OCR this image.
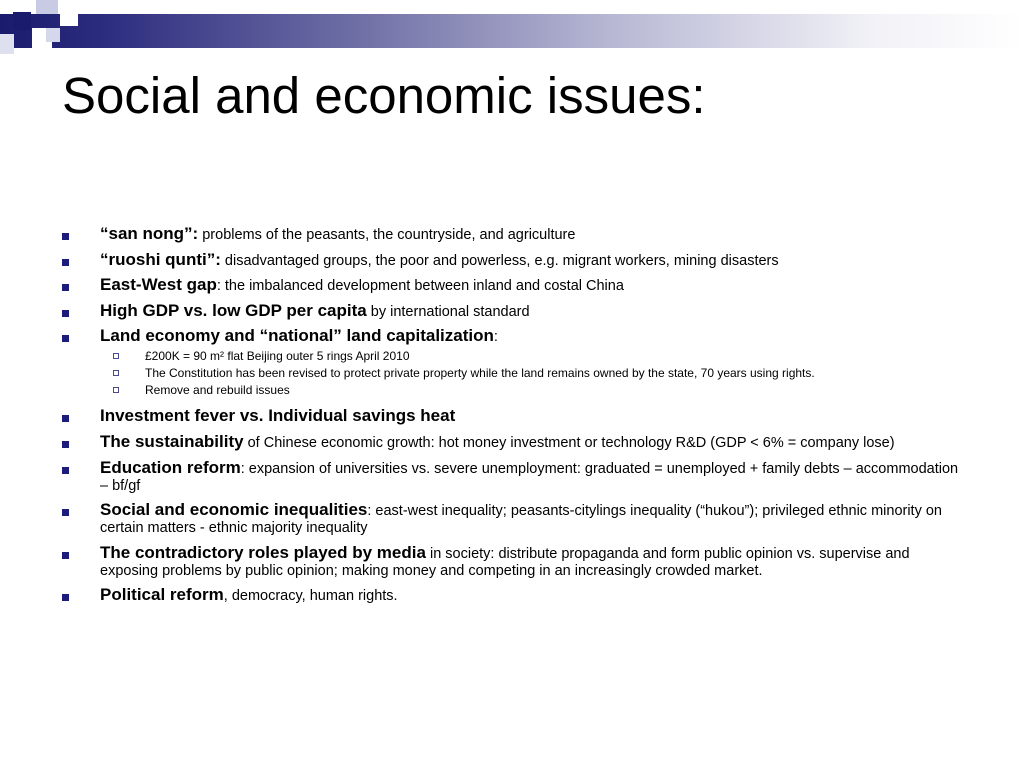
Social and economic issues:
“san nong”: problems of the peasants, the countryside, and agriculture
“ruoshi qunti”: disadvantaged groups, the poor and powerless, e.g. migrant workers, mining disasters
East-West gap: the imbalanced development between inland and costal China
High GDP vs. low GDP per capita by international standard
Land economy and “national” land capitalization:
£200K = 90 m² flat Beijing outer 5 rings April 2010
The Constitution has been revised to protect private property while the land remains owned by the state, 70 years using rights.
Remove and rebuild issues
Investment fever vs. Individual savings heat
The sustainability of Chinese economic growth: hot money investment or technology R&D (GDP < 6% = company lose)
Education reform: expansion of universities vs. severe unemployment: graduated = unemployed + family debts – accommodation – bf/gf
Social and economic inequalities: east-west inequality; peasants-citylings inequality (“hukou”); privileged ethnic minority on certain matters - ethnic majority inequality
The contradictory roles played by media in society: distribute propaganda and form public opinion vs. supervise and exposing problems by public opinion; making money and competing in an increasingly crowded market.
Political reform, democracy, human rights.
